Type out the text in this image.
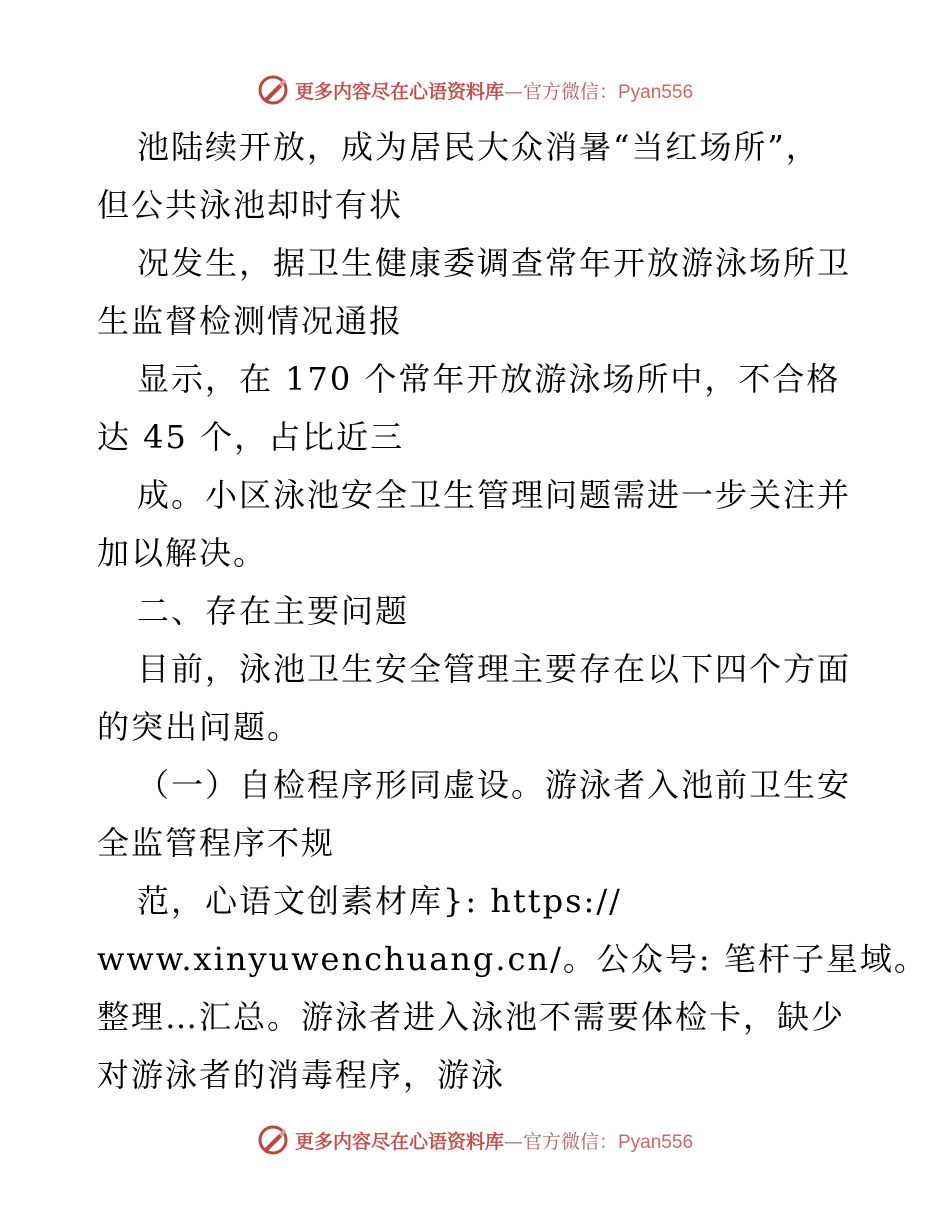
更多内容尽在心语资料库—官方微信：Pyan556
池陆续开放，成为居民大众消暑“当红场所”，
但公共泳池却时有状
况发生，据卫生健康委调查常年开放游泳场所卫
生监督检测情况通报
显示，在 170 个常年开放游泳场所中，不合格
达 45 个，占比近三
成。小区泳池安全卫生管理问题需进一步关注并
加以解决。
二、存在主要问题
目前，泳池卫生安全管理主要存在以下四个方面
的突出问题。
（一）自检程序形同虚设。游泳者入池前卫生安
全监管程序不规
范，心语文创素材库}: https://
www.xinyuwenchuang.cn/。公众号: 笔杆子星域。
整理…汇总。游泳者进入泳池不需要体检卡，缺少
对游泳者的消毒程序，游泳
更多内容尽在心语资料库—官方微信：Pyan556
